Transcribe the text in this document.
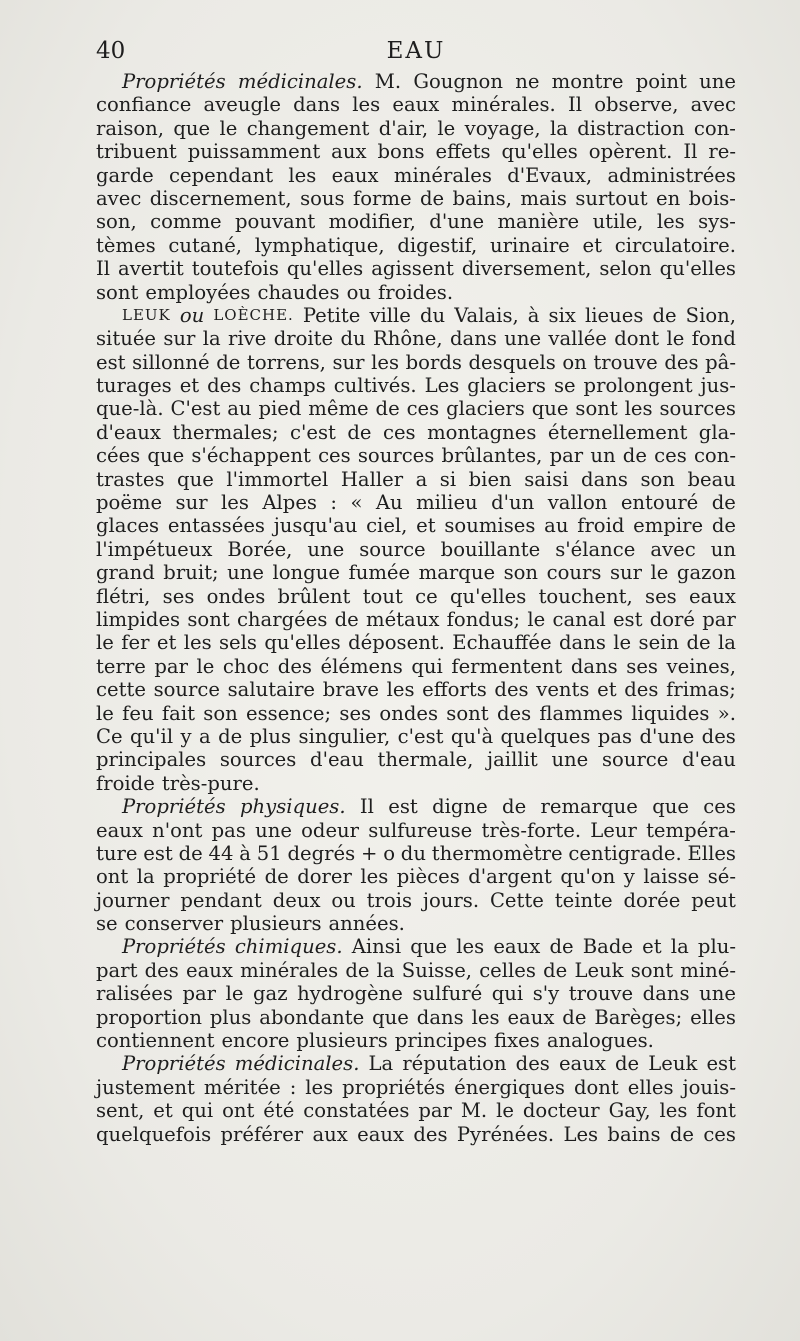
40	EAU
Propriétés médicinales. M. Gougnon ne montre point une
confiance aveugle dans les eaux minérales. Il observe, avec
raison, que le changement d'air, le voyage, la distraction con-
tribuent puissamment aux bons effets qu'elles opèrent. Il re-
garde cependant les eaux minérales d'Evaux, administrées
avec discernement, sous forme de bains, mais surtout en bois-
son, comme pouvant modifier, d'une manière utile, les sys-
tèmes cutané, lymphatique, digestif, urinaire et circulatoire.
Il avertit toutefois qu'elles agissent diversement, selon qu'elles
sont employées chaudes ou froides.
LEUK ou LOÈCHE. Petite ville du Valais, à six lieues de Sion,
située sur la rive droite du Rhône, dans une vallée dont le fond
est sillonné de torrens, sur les bords desquels on trouve des pâ-
turages et des champs cultivés. Les glaciers se prolongent jus-
que-là. C'est au pied même de ces glaciers que sont les sources
d'eaux thermales; c'est de ces montagnes éternellement gla-
cées que s'échappent ces sources brûlantes, par un de ces con-
trastes que l'immortel Haller a si bien saisi dans son beau
poëme sur les Alpes : « Au milieu d'un vallon entouré de
glaces entassées jusqu'au ciel, et soumises au froid empire de
l'impétueux Borée, une source bouillante s'élance avec un
grand bruit; une longue fumée marque son cours sur le gazon
flétri, ses ondes brûlent tout ce qu'elles touchent, ses eaux
limpides sont chargées de métaux fondus; le canal est doré par
le fer et les sels qu'elles déposent. Echauffée dans le sein de la
terre par le choc des élémens qui fermentent dans ses veines,
cette source salutaire brave les efforts des vents et des frimas;
le feu fait son essence; ses ondes sont des flammes liquides ».
Ce qu'il y a de plus singulier, c'est qu'à quelques pas d'une des
principales sources d'eau thermale, jaillit une source d'eau
froide très-pure.
Propriétés physiques. Il est digne de remarque que ces
eaux n'ont pas une odeur sulfureuse très-forte. Leur tempéra-
ture est de 44 à 51 degrés + o du thermomètre centigrade. Elles
ont la propriété de dorer les pièces d'argent qu'on y laisse sé-
journer pendant deux ou trois jours. Cette teinte dorée peut
se conserver plusieurs années.
Propriétés chimiques. Ainsi que les eaux de Bade et la plu-
part des eaux minérales de la Suisse, celles de Leuk sont miné-
ralisées par le gaz hydrogène sulfuré qui s'y trouve dans une
proportion plus abondante que dans les eaux de Barèges; elles
contiennent encore plusieurs principes fixes analogues.
Propriétés médicinales. La réputation des eaux de Leuk est
justement méritée : les propriétés énergiques dont elles jouis-
sent, et qui ont été constatées par M. le docteur Gay, les font
quelquefois préférer aux eaux des Pyrénées. Les bains de ces
